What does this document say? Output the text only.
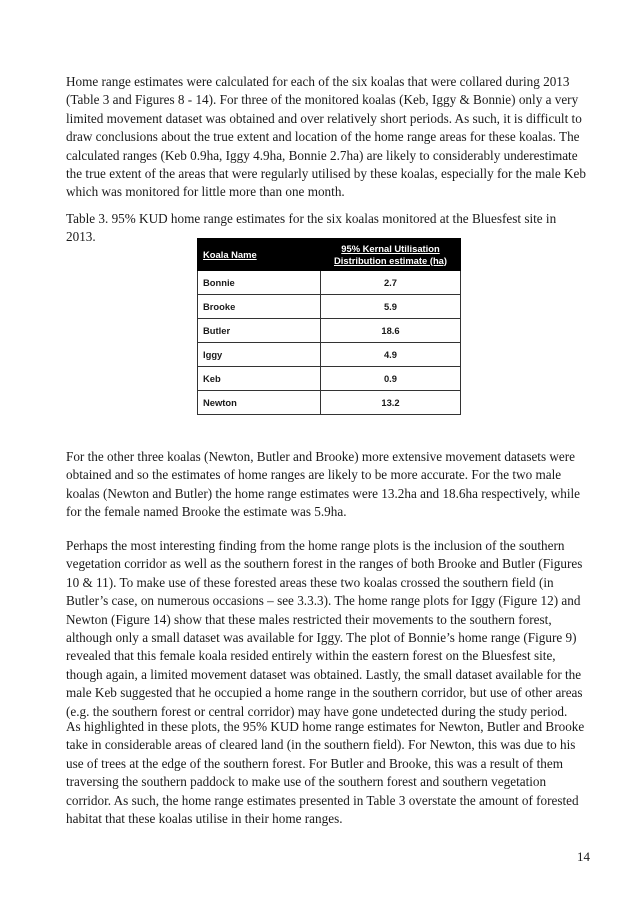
Home range estimates were calculated for each of the six koalas that were collared during 2013 (Table 3 and Figures 8 - 14). For three of the monitored koalas (Keb, Iggy & Bonnie) only a very limited movement dataset was obtained and over relatively short periods. As such, it is difficult to draw conclusions about the true extent and location of the home range areas for these koalas. The calculated ranges (Keb 0.9ha, Iggy 4.9ha, Bonnie 2.7ha) are likely to considerably underestimate the true extent of the areas that were regularly utilised by these koalas, especially for the male Keb which was monitored for little more than one month.

Table 3. 95% KUD home range estimates for the six koalas monitored at the Bluesfest site in 2013.

Koala Name	95% Kernal Utilisation
Distribution estimate (ha)
Bonnie	2.7
Brooke	5.9
Butler	18.6
Iggy	4.9
Keb	0.9
Newton	13.2

For the other three koalas (Newton, Butler and Brooke) more extensive movement datasets were obtained and so the estimates of home ranges are likely to be more accurate. For the two male koalas (Newton and Butler) the home range estimates were 13.2ha and 18.6ha respectively, while for the female named Brooke the estimate was 5.9ha.

Perhaps the most interesting finding from the home range plots is the inclusion of the southern vegetation corridor as well as the southern forest in the ranges of both Brooke and Butler (Figures 10 & 11). To make use of these forested areas these two koalas crossed the southern field (in Butler’s case, on numerous occasions – see 3.3.3). The home range plots for Iggy (Figure 12) and Newton (Figure 14) show that these males restricted their movements to the southern forest, although only a small dataset was available for Iggy. The plot of Bonnie’s home range (Figure 9) revealed that this female koala resided entirely within the eastern forest on the Bluesfest site, though again, a limited movement dataset was obtained. Lastly, the small dataset available for the male Keb suggested that he occupied a home range in the southern corridor, but use of other areas (e.g. the southern forest or central corridor) may have gone undetected during the study period.

As highlighted in these plots, the 95% KUD home range estimates for Newton, Butler and Brooke take in considerable areas of cleared land (in the southern field). For Newton, this was due to his use of trees at the edge of the southern forest. For Butler and Brooke, this was a result of them traversing the southern paddock to make use of the southern forest and southern vegetation corridor. As such, the home range estimates presented in Table 3 overstate the amount of forested habitat that these koalas utilise in their home ranges.

14
